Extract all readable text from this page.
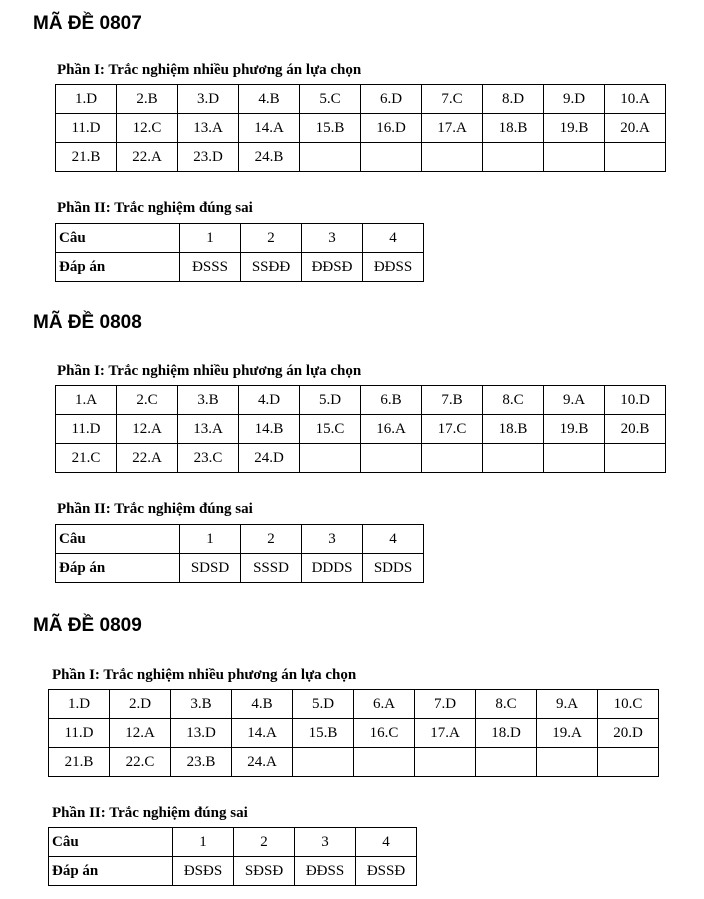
MÃ ĐỀ 0807
Phần I: Trắc nghiệm nhiều phương án lựa chọn
1.D	2.B	3.D	4.B	5.C	6.D	7.C	8.D	9.D	10.A
11.D	12.C	13.A	14.A	15.B	16.D	17.A	18.B	19.B	20.A
21.B	22.A	23.D	24.B						
Phần II: Trắc nghiệm đúng sai
Câu	1	2	3	4
Đáp án	ĐSSS	SSĐĐ	ĐĐSĐ	ĐĐSS
MÃ ĐỀ 0808
Phần I: Trắc nghiệm nhiều phương án lựa chọn
1.A	2.C	3.B	4.D	5.D	6.B	7.B	8.C	9.A	10.D
11.D	12.A	13.A	14.B	15.C	16.A	17.C	18.B	19.B	20.B
21.C	22.A	23.C	24.D						
Phần II: Trắc nghiệm đúng sai
Câu	1	2	3	4
Đáp án	SDSD	SSSD	DDDS	SDDS
MÃ ĐỀ 0809
Phần I: Trắc nghiệm nhiều phương án lựa chọn
1.D	2.D	3.B	4.B	5.D	6.A	7.D	8.C	9.A	10.C
11.D	12.A	13.D	14.A	15.B	16.C	17.A	18.D	19.A	20.D
21.B	22.C	23.B	24.A						
Phần II: Trắc nghiệm đúng sai
Câu	1	2	3	4
Đáp án	ĐSĐS	SĐSĐ	ĐĐSS	ĐSSĐ
